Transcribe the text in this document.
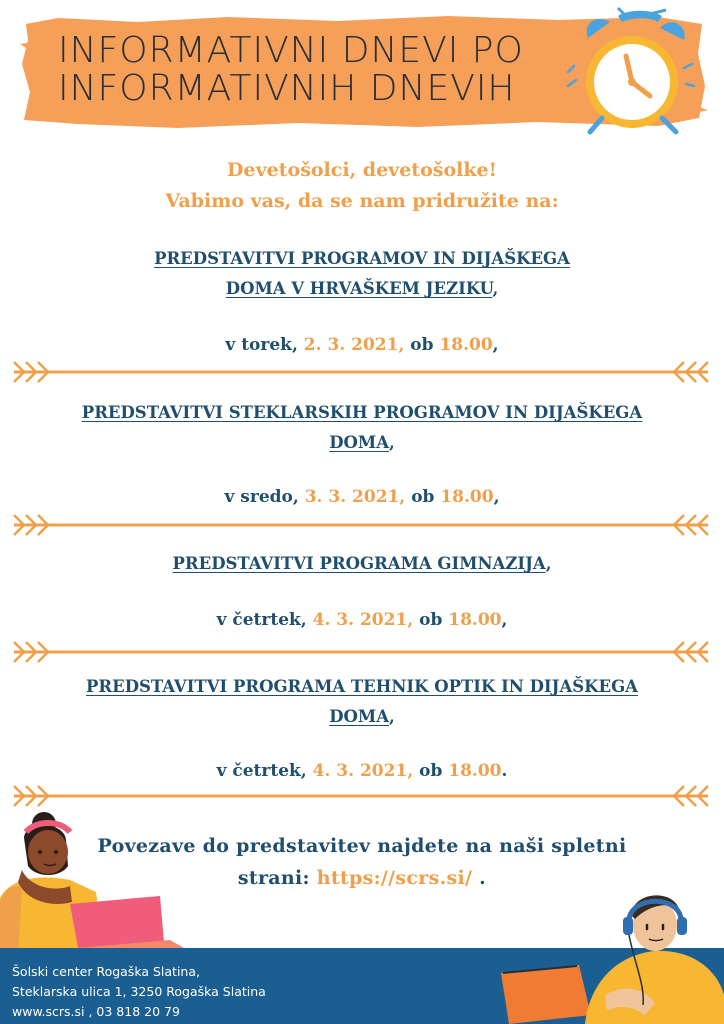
INFORMATIVNI DNEVI PO
INFORMATIVNIH DNEVIH
Devetošolci, devetošolke!
Vabimo vas, da se nam pridružite na:
PREDSTAVITVI PROGRAMOV IN DIJAŠKEGA
DOMA V HRVAŠKEM JEZIKU,
v torek, 2. 3. 2021, ob 18.00,
PREDSTAVITVI STEKLARSKIH PROGRAMOV IN DIJAŠKEGA
DOMA,
v sredo, 3. 3. 2021, ob 18.00,
PREDSTAVITVI PROGRAMA GIMNAZIJA,
v četrtek, 4. 3. 2021, ob 18.00,
PREDSTAVITVI PROGRAMA TEHNIK OPTIK IN DIJAŠKEGA
DOMA,
v četrtek, 4. 3. 2021, ob 18.00.
Povezave do predstavitev najdete na naši spletni
strani: https://scrs.si/ .
Šolski center Rogaška Slatina,
Steklarska ulica 1, 3250 Rogaška Slatina
www.scrs.si , 03 818 20 79
